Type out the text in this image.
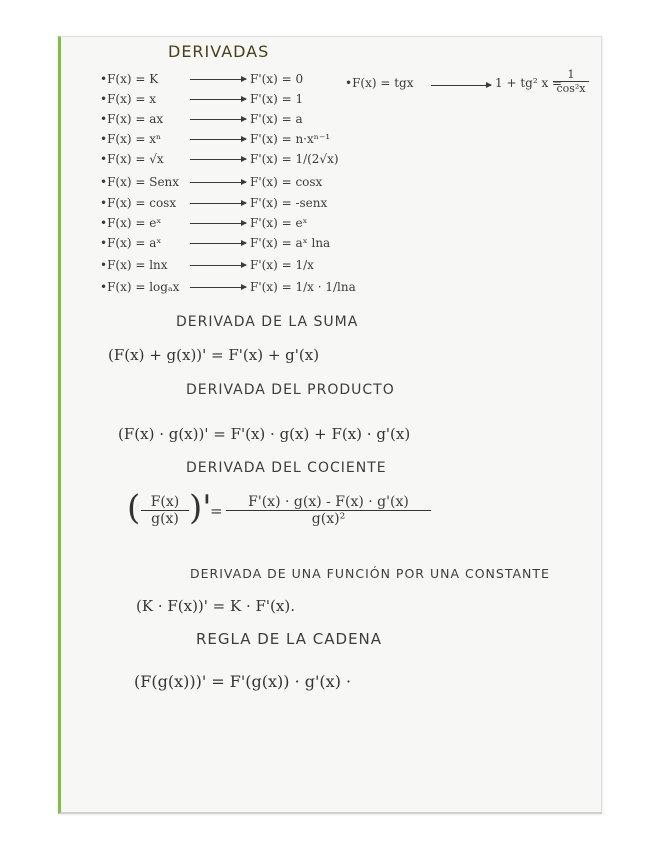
DERIVADAS
•F(x) = K	F'(x) = 0
•F(x) = x	F'(x) = 1
•F(x) = ax	F'(x) = a
•F(x) = xⁿ	F'(x) = n·xⁿ⁻¹
•F(x) = √x	F'(x) = 1/(2√x)
•F(x) = Senx	F'(x) = cosx
•F(x) = cosx	F'(x) = -senx
•F(x) = eˣ	F'(x) = eˣ
•F(x) = aˣ	F'(x) = aˣ lna
•F(x) = lnx	F'(x) = 1/x
•F(x) = logₐx	F'(x) = 1/x · 1/lna
•F(x) = tgx	1 + tg² x =
$\frac{1}{\text{cos²x}}$
DERIVADA DE LA SUMA
(F(x) + g(x))' = F'(x) + g'(x)
DERIVADA DEL PRODUCTO
(F(x) · g(x))' = F'(x) · g(x) + F(x) · g'(x)
DERIVADA DEL COCIENTE
( $\frac{F(x)}{g(x)}$ )'
= $\frac{F'(x) \cdot g(x) - F(x) \cdot g'(x)}{\text{g(x)²}}$
DERIVADA DE UNA FUNCIÓN POR UNA CONSTANTE
(K · F(x))' = K · F'(x).
REGLA DE LA CADENA
(F(g(x)))' = F'(g(x)) · g'(x) ·
